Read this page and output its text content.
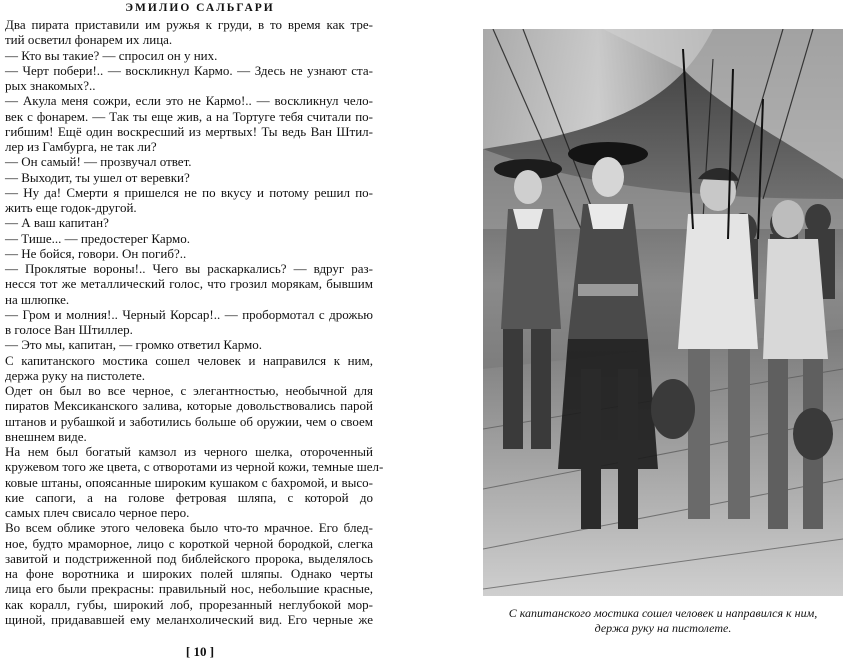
ЭМИЛИО САЛЬГАРИ
Два пирата приставили им ружья к груди, в то время как тре-
тий осветил фонарем их лица.
— Кто вы такие? — спросил он у них.
— Черт побери!.. — воскликнул Кармо. — Здесь не узнают ста-
рых знакомых?..
— Акула меня сожри, если это не Кармо!.. — воскликнул чело-
век с фонарем. — Так ты еще жив, а на Тортуге тебя считали по-
гибшим! Ещё один воскресший из мертвых! Ты ведь Ван Штил-
лер из Гамбурга, не так ли?
— Он самый! — прозвучал ответ.
— Выходит, ты ушел от веревки?
— Ну да! Смерти я пришелся не по вкусу и потому решил по-
жить еще годок-другой.
— А ваш капитан?
— Тише... — предостерег Кармо.
— Не бойся, говори. Он погиб?..
— Проклятые вороны!.. Чего вы раскаркались? — вдруг раз-
несся тот же металлический голос, что грозил морякам, бывшим
на шлюпке.
— Гром и молния!.. Черный Корсар!.. — пробормотал с дрожью
в голосе Ван Штиллер.
— Это мы, капитан, — громко ответил Кармо.
С капитанского мостика сошел человек и направился к ним,
держа руку на пистолете.
Одет он был во все черное, с элегантностью, необычной для
пиратов Мексиканского залива, которые довольствовались парой
штанов и рубашкой и заботились больше об оружии, чем о своем
внешнем виде.
На нем был богатый камзол из черного шелка, отороченный
кружевом того же цвета, с отворотами из черной кожи, темные шел-
ковые штаны, опоясанные широким кушаком с бахромой, и высо-
кие сапоги, а на голове фетровая шляпа, с которой до
самых плеч свисало черное перо.
Во всем облике этого человека было что-то мрачное. Его блед-
ное, будто мраморное, лицо с короткой черной бородкой, слегка
завитой и подстриженной под библейского пророка, выделялось
на фоне воротника и широких полей шляпы. Однако черты
лица его были прекрасны: правильный нос, небольшие красные,
как коралл, губы, широкий лоб, прорезанный неглубокой мор-
щиной, придававшей ему меланхолический вид. Его черные же
[ 10 ]
С капитанского мостика сошел человек и направился к ним,
держа руку на пистолете.
